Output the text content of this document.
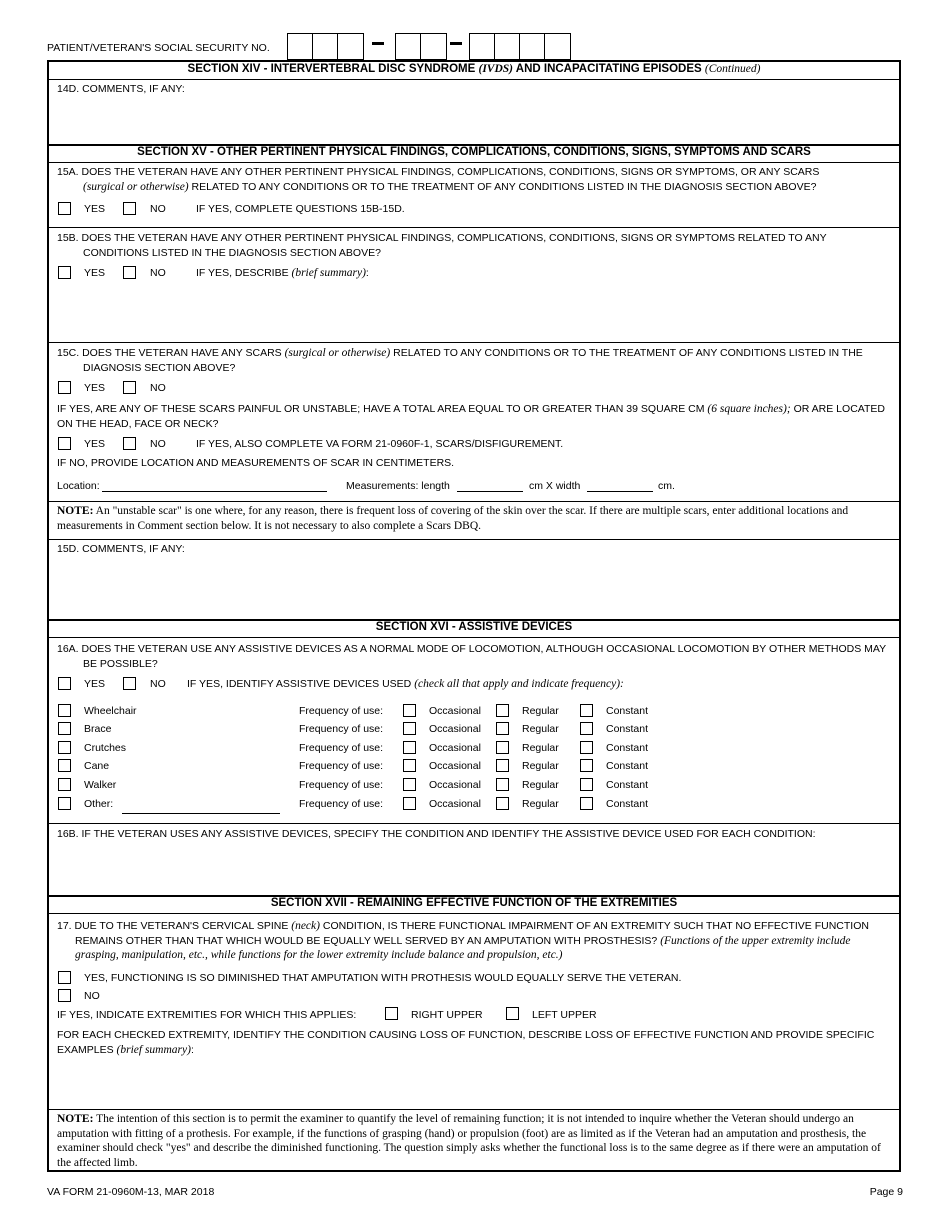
PATIENT/VETERAN'S SOCIAL SECURITY NO.
SECTION XIV - INTERVERTEBRAL DISC SYNDROME (IVDS) AND INCAPACITATING EPISODES (Continued)
14D. COMMENTS, IF ANY:
SECTION XV - OTHER PERTINENT PHYSICAL FINDINGS, COMPLICATIONS, CONDITIONS, SIGNS, SYMPTOMS AND SCARS
15A. DOES THE VETERAN HAVE ANY OTHER PERTINENT PHYSICAL FINDINGS, COMPLICATIONS, CONDITIONS, SIGNS OR SYMPTOMS, OR ANY SCARS
(surgical or otherwise) RELATED TO ANY CONDITIONS OR TO THE TREATMENT OF ANY CONDITIONS LISTED IN THE DIAGNOSIS SECTION ABOVE?
YES	NO	IF YES, COMPLETE QUESTIONS 15B-15D.
15B. DOES THE VETERAN HAVE ANY OTHER PERTINENT PHYSICAL FINDINGS, COMPLICATIONS, CONDITIONS, SIGNS OR SYMPTOMS RELATED TO ANY CONDITIONS LISTED IN THE DIAGNOSIS SECTION ABOVE?
YES	NO	IF YES, DESCRIBE (brief summary):
15C. DOES THE VETERAN HAVE ANY SCARS (surgical or otherwise) RELATED TO ANY CONDITIONS OR TO THE TREATMENT OF ANY CONDITIONS LISTED IN THE DIAGNOSIS SECTION ABOVE?
YES	NO
IF YES, ARE ANY OF THESE SCARS PAINFUL OR UNSTABLE; HAVE A TOTAL AREA EQUAL TO OR GREATER THAN 39 SQUARE CM (6 square inches); OR ARE LOCATED ON THE HEAD, FACE OR NECK?
YES	NO	IF YES, ALSO COMPLETE VA FORM 21-0960F-1, SCARS/DISFIGUREMENT.
IF NO, PROVIDE LOCATION AND MEASUREMENTS OF SCAR IN CENTIMETERS.
Location:	Measurements: length	cm X width	cm.
NOTE: An "unstable scar" is one where, for any reason, there is frequent loss of covering of the skin over the scar. If there are multiple scars, enter additional locations and measurements in Comment section below. It is not necessary to also complete a Scars DBQ.
15D. COMMENTS, IF ANY:
SECTION XVI - ASSISTIVE DEVICES
16A. DOES THE VETERAN USE ANY ASSISTIVE DEVICES AS A NORMAL MODE OF LOCOMOTION, ALTHOUGH OCCASIONAL LOCOMOTION BY OTHER METHODS MAY BE POSSIBLE?
YES	NO IF YES, IDENTIFY ASSISTIVE DEVICES USED (check all that apply and indicate frequency):
Wheelchair	Frequency of use:	Occasional	Regular	Constant
Brace	Frequency of use:	Occasional	Regular	Constant
Crutches	Frequency of use:	Occasional	Regular	Constant
Cane	Frequency of use:	Occasional	Regular	Constant
Walker	Frequency of use:	Occasional	Regular	Constant
Other:	Frequency of use:	Occasional	Regular	Constant
16B. IF THE VETERAN USES ANY ASSISTIVE DEVICES, SPECIFY THE CONDITION AND IDENTIFY THE ASSISTIVE DEVICE USED FOR EACH CONDITION:
SECTION XVII - REMAINING EFFECTIVE FUNCTION OF THE EXTREMITIES
17. DUE TO THE VETERAN'S CERVICAL SPINE (neck) CONDITION, IS THERE FUNCTIONAL IMPAIRMENT OF AN EXTREMITY SUCH THAT NO EFFECTIVE FUNCTION REMAINS OTHER THAN THAT WHICH WOULD BE EQUALLY WELL SERVED BY AN AMPUTATION WITH PROSTHESIS? (Functions of the upper extremity include grasping, manipulation, etc., while functions for the lower extremity include balance and propulsion, etc.)
YES, FUNCTIONING IS SO DIMINISHED THAT AMPUTATION WITH PROTHESIS WOULD EQUALLY SERVE THE VETERAN.
NO
IF YES, INDICATE EXTREMITIES FOR WHICH THIS APPLIES:	RIGHT UPPER	LEFT UPPER
FOR EACH CHECKED EXTREMITY, IDENTIFY THE CONDITION CAUSING LOSS OF FUNCTION, DESCRIBE LOSS OF EFFECTIVE FUNCTION AND PROVIDE SPECIFIC EXAMPLES (brief summary):
NOTE: The intention of this section is to permit the examiner to quantify the level of remaining function; it is not intended to inquire whether the Veteran should undergo an amputation with fitting of a prothesis. For example, if the functions of grasping (hand) or propulsion (foot) are as limited as if the Veteran had an amputation and prosthesis, the examiner should check "yes" and describe the diminished functioning. The question simply asks whether the functional loss is to the same degree as if there were an amputation of the affected limb.
VA FORM 21-0960M-13, MAR 2018	Page 9
